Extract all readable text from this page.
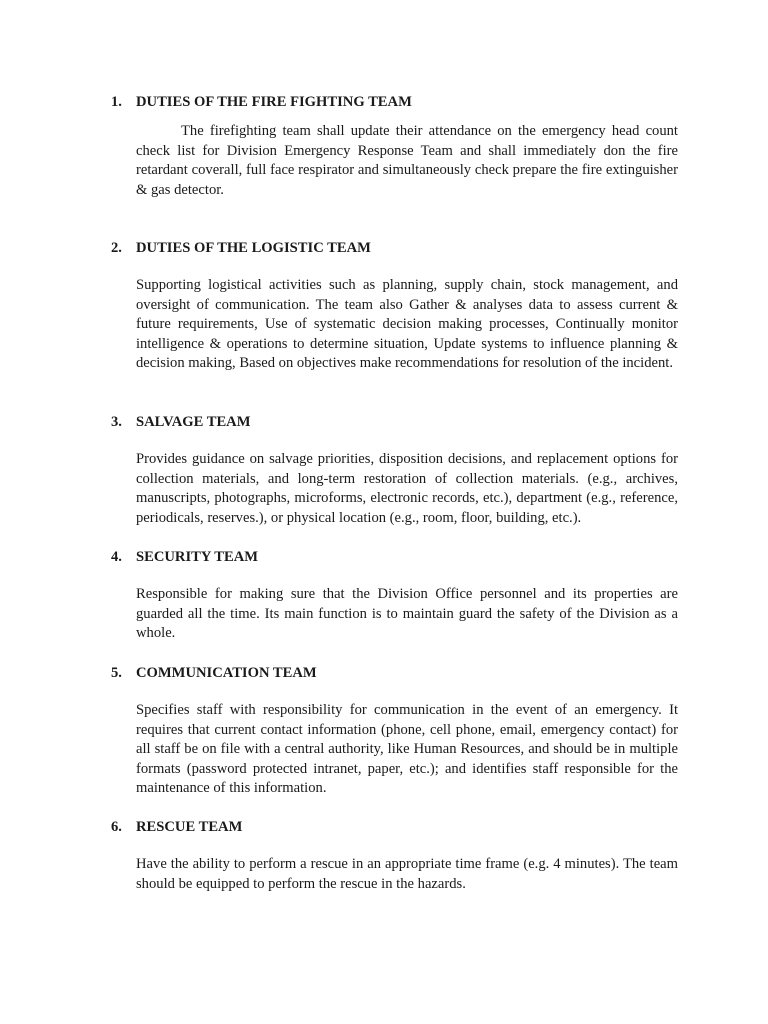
1. DUTIES OF THE FIRE FIGHTING TEAM

The firefighting team shall update their attendance on the emergency head count check list for Division Emergency Response Team and shall immediately don the fire retardant coverall, full face respirator and simultaneously check prepare the fire extinguisher & gas detector.

2. DUTIES OF THE LOGISTIC TEAM

Supporting logistical activities such as planning, supply chain, stock management, and oversight of communication. The team also Gather & analyses data to assess current & future requirements, Use of systematic decision making processes, Continually monitor intelligence & operations to determine situation, Update systems to influence planning & decision making, Based on objectives make recommendations for resolution of the incident.

3. SALVAGE TEAM

Provides guidance on salvage priorities, disposition decisions, and replacement options for collection materials, and long-term restoration of collection materials. (e.g., archives, manuscripts, photographs, microforms, electronic records, etc.), department (e.g., reference, periodicals, reserves.), or physical location (e.g., room, floor, building, etc.).

4. SECURITY TEAM

Responsible for making sure that the Division Office personnel and its properties are guarded all the time. Its main function is to maintain guard the safety of the Division as a whole.

5. COMMUNICATION TEAM

Specifies staff with responsibility for communication in the event of an emergency. It requires that current contact information (phone, cell phone, email, emergency contact) for all staff be on file with a central authority, like Human Resources, and should be in multiple formats (password protected intranet, paper, etc.); and identifies staff responsible for the maintenance of this information.

6. RESCUE TEAM

Have the ability to perform a rescue in an appropriate time frame (e.g. 4 minutes). The team should be equipped to perform the rescue in the hazards.
